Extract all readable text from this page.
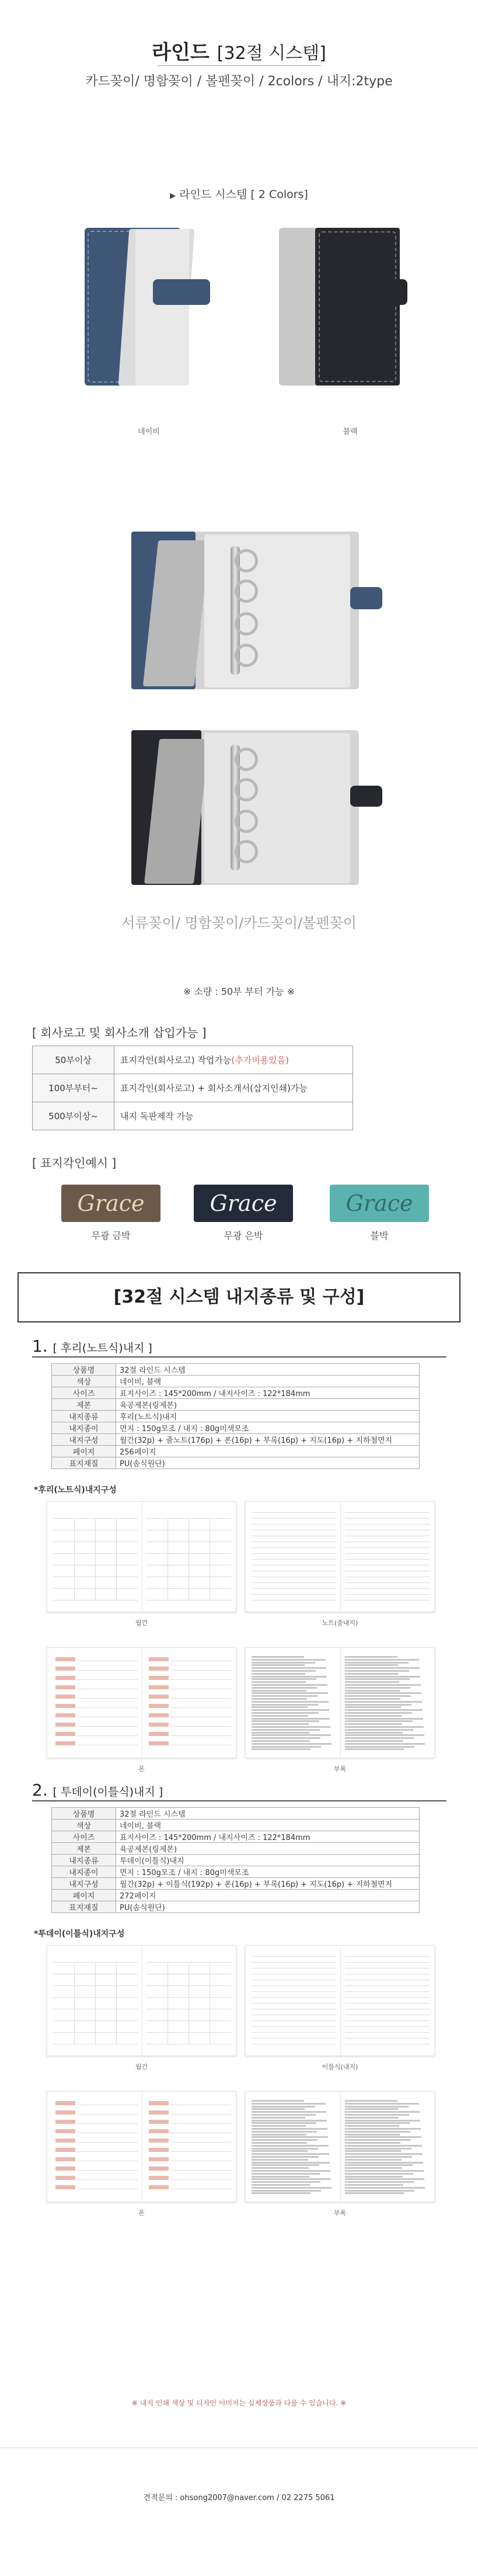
라인드 [32절 시스템]
카드꽂이/ 명함꽂이 / 볼펜꽂이 / 2colors / 내지:2type
▶ 라인드 시스템 [ 2 Colors]
네이비	블랙
서류꽂이/ 명함꽂이/카드꽂이/볼펜꽂이
※ 소량 : 50부 부터 가능 ※
[ 회사로고 및 회사소개 삽입가능 ]
50부이상	표지각인(회사로고) 작업가능(추가비용있음)
100부부터~	표지각인(회사로고) + 회사소개서(삽지인쇄)가능
500부이상~	내지 독판제작 가능
[ 표지각인예시 ]
Grace
무광 금박
Grace
무광 은박
Grace
블박
[32절 시스템 내지종류 및 구성]
1. [ 후리(노트식)내지 ]
상품명	32절 라인드 시스템
색상	네이비, 블랙
사이즈	표지사이즈 : 145*200mm / 내지사이즈 : 122*184mm
제본	육공제본(링제본)
내지종류	후리(노트식)내지
내지종이	면지 : 150g모조 / 내지 : 80g미색모조
내지구성	월간(32p) + 줄노트(176p) + 폰(16p) + 부록(16p) + 지도(16p) + 지하철면지
페이지	256페이지
표지재질	PU(솜식원단)
*후리(노트식)내지구성
월간	노트(줄내지)
폰	부록
2. [ 투데이(이틀식)내지 ]
상품명	32절 라인드 시스템
색상	네이비, 블랙
사이즈	표지사이즈 : 145*200mm / 내지사이즈 : 122*184mm
제본	육공제본(링제본)
내지종류	투데이(이틀식)내지
내지종이	면지 : 150g모조 / 내지 : 80g미색모조
내지구성	월간(32p) + 이틀식(192p) + 폰(16p) + 부록(16p) + 지도(16p) + 지하철면지
페이지	272페이지
표지재질	PU(솜식원단)
*투데이(이틀식)내지구성
월간	이틀식(내지)
폰	부록
※ 내지 인쇄 색상 및 디자인 이미지는 실제상품과 다를 수 있습니다. ※
견적문의 : ohsong2007@naver.com / 02 2275 5061
